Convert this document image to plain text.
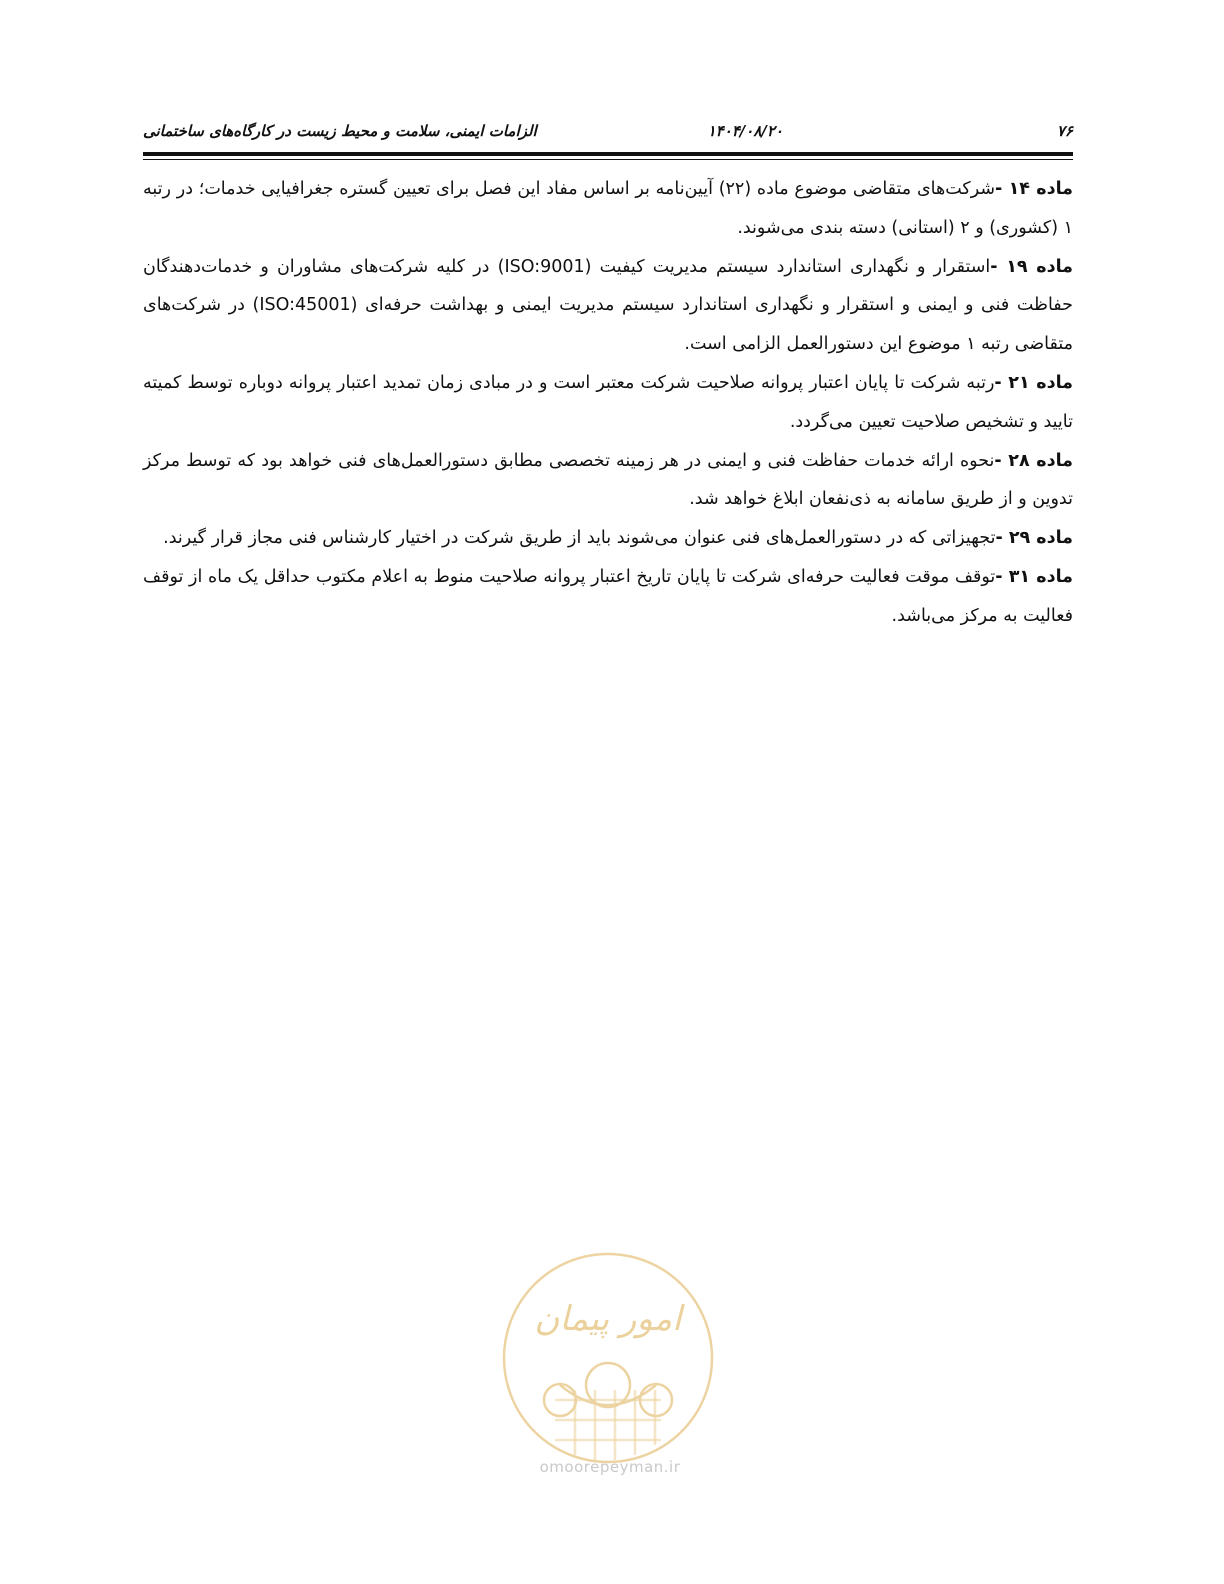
۷۶
۱۴۰۴/۰۸/۲۰
الزامات ایمنی، سلامت و محیط زیست در کارگاه‌های ساختمانی

ماده ۱۴ -شرکت‌های متقاضی موضوع ماده (۲۲) آیین‌نامه بر اساس مفاد این فصل برای تعیین گستره جغرافیایی خدمات؛ در رتبه ۱ (کشوری) و ۲ (استانی) دسته بندی می‌شوند.

ماده ۱۹ -استقرار و نگهداری استاندارد سیستم مدیریت کیفیت (ISO:9001) در کلیه شرکت‌های مشاوران و خدمات‌دهندگان حفاظت فنی و ایمنی و استقرار و نگهداری استاندارد سیستم مدیریت ایمنی و بهداشت حرفه‌ای (ISO:45001) در شرکت‌های متقاضی رتبه ۱ موضوع این دستورالعمل الزامی است.

ماده ۲۱ -رتبه شرکت تا پایان اعتبار پروانه صلاحیت شرکت معتبر است و در مبادی زمان تمدید اعتبار پروانه دوباره توسط کمیته تایید و تشخیص صلاحیت تعیین می‌گردد.

ماده ۲۸ -نحوه ارائه خدمات حفاظت فنی و ایمنی در هر زمینه تخصصی مطابق دستورالعمل‌های فنی خواهد بود که توسط مرکز تدوین و از طریق سامانه به ذی‌نفعان ابلاغ خواهد شد.

ماده ۲۹ -تجهیزاتی که در دستورالعمل‌های فنی عنوان می‌شوند باید از طریق شرکت در اختیار کارشناس فنی مجاز قرار گیرند.

ماده ۳۱ -توقف موقت فعالیت حرفه‌ای شرکت تا پایان تاریخ اعتبار پروانه صلاحیت منوط به اعلام مکتوب حداقل یک ماه از توقف فعالیت به مرکز می‌باشد.

امور پیمان
omoorepeyman.ir
